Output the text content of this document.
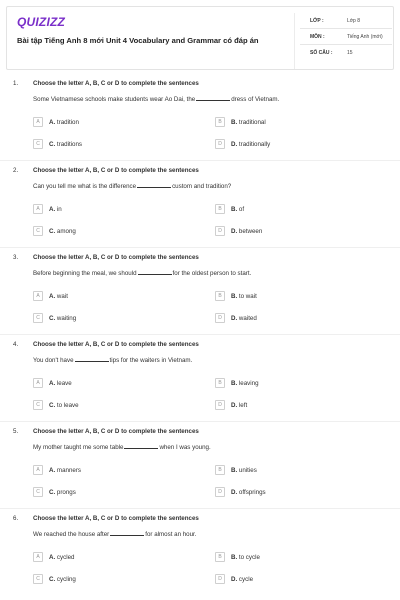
QUIZIZZ
Bài tập Tiếng Anh 8 mới Unit 4 Vocabulary and Grammar có đáp án
LỚP :	Lớp 8
MÔN :	Tiếng Anh (mới)
SỐ CÂU :	15
1. Choose the letter A, B, C or D to complete the sentences
Some Vietnamese schools make students wear Ao Dai, the	dress of Vietnam.
A	A. tradition	B	B. traditional
C	C. traditions	D	D. traditionally
2. Choose the letter A, B, C or D to complete the sentences
Can you tell me what is the difference	custom and tradition?
A	A. in	B	B. of
C	C. among	D	D. between
3. Choose the letter A, B, C or D to complete the sentences
Before beginning the meal, we should	for the oldest person to start.
A	A. wait	B	B. to wait
C	C. waiting	D	D. waited
4. Choose the letter A, B, C or D to complete the sentences
You don't have	tips for the waiters in Vietnam.
A	A. leave	B	B. leaving
C	C. to leave	D	D. left
5. Choose the letter A, B, C or D to complete the sentences
My mother taught me some table	when I was young.
A	A. manners	B	B. unities
C	C. prongs	D	D. offsprings
6. Choose the letter A, B, C or D to complete the sentences
We reached the house after	for almost an hour.
A	A. cycled	B	B. to cycle
C	C. cycling	D	D. cycle
